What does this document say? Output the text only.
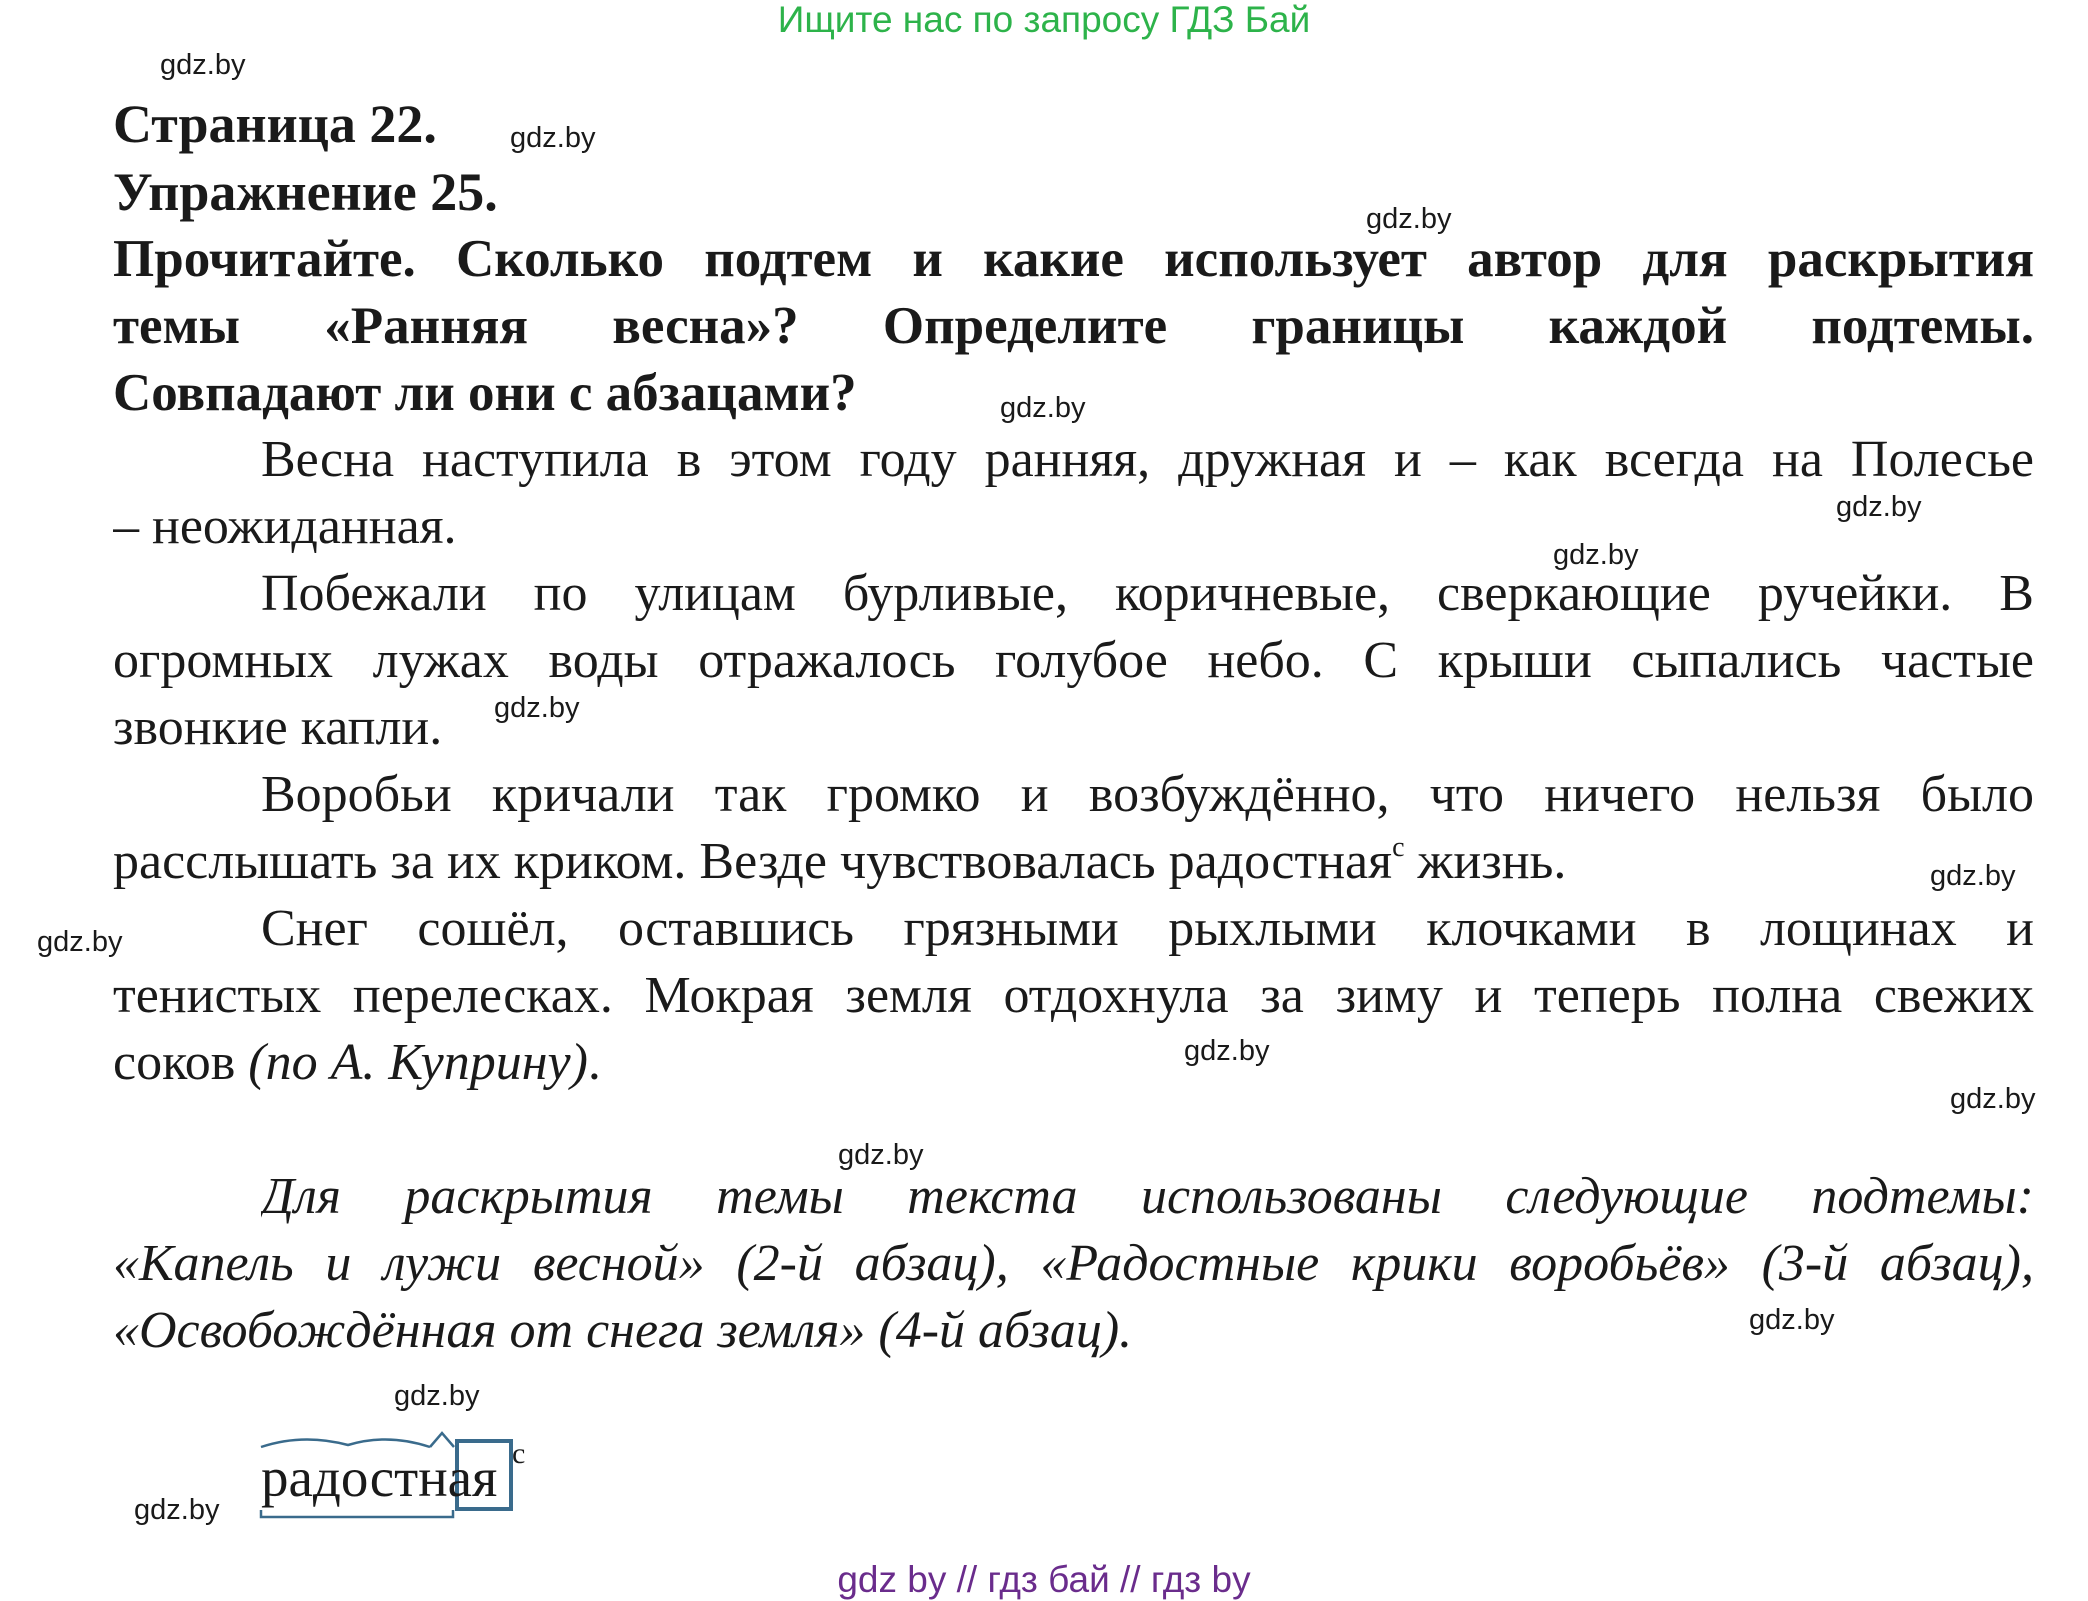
Ищите нас по запросу ГДЗ Бай
gdz.by
gdz.by
gdz.by
gdz.by
gdz.by
gdz.by
gdz.by
gdz.by
gdz.by
gdz.by
gdz.by
gdz.by
gdz.by
gdz.by
gdz.by
Страница 22.
Упражнение 25.
Прочитайте. Сколько подтем и какие использует автор для раскрытия
темы «Ранняя весна»? Определите границы каждой подтемы.
Совпадают ли они с абзацами?
Весна наступила в этом году ранняя, дружная и – как всегда на Полесье
– неожиданная.
Побежали по улицам бурливые, коричневые, сверкающие ручейки. В
огромных лужах воды отражалось голубое небо. С крыши сыпались частые
звонкие капли.
Воробьи кричали так громко и возбуждённо, что ничего нельзя было
расслышать за их криком. Везде чувствовалась радостная$^с$ жизнь.
Снег сошёл, оставшись грязными рыхлыми клочками в лощинах и
тенистых перелесках. Мокрая земля отдохнула за зиму и теперь полна свежих
соков (по А. Куприну).
Для раскрытия темы текста использованы следующие подтемы:
«Капель и лужи весной» (2-й абзац), «Радостные крики воробьёв» (3-й абзац),
«Освобождённая от снега земля» (4-й абзац).
радостная с
gdz by // гдз бай // гдз by
